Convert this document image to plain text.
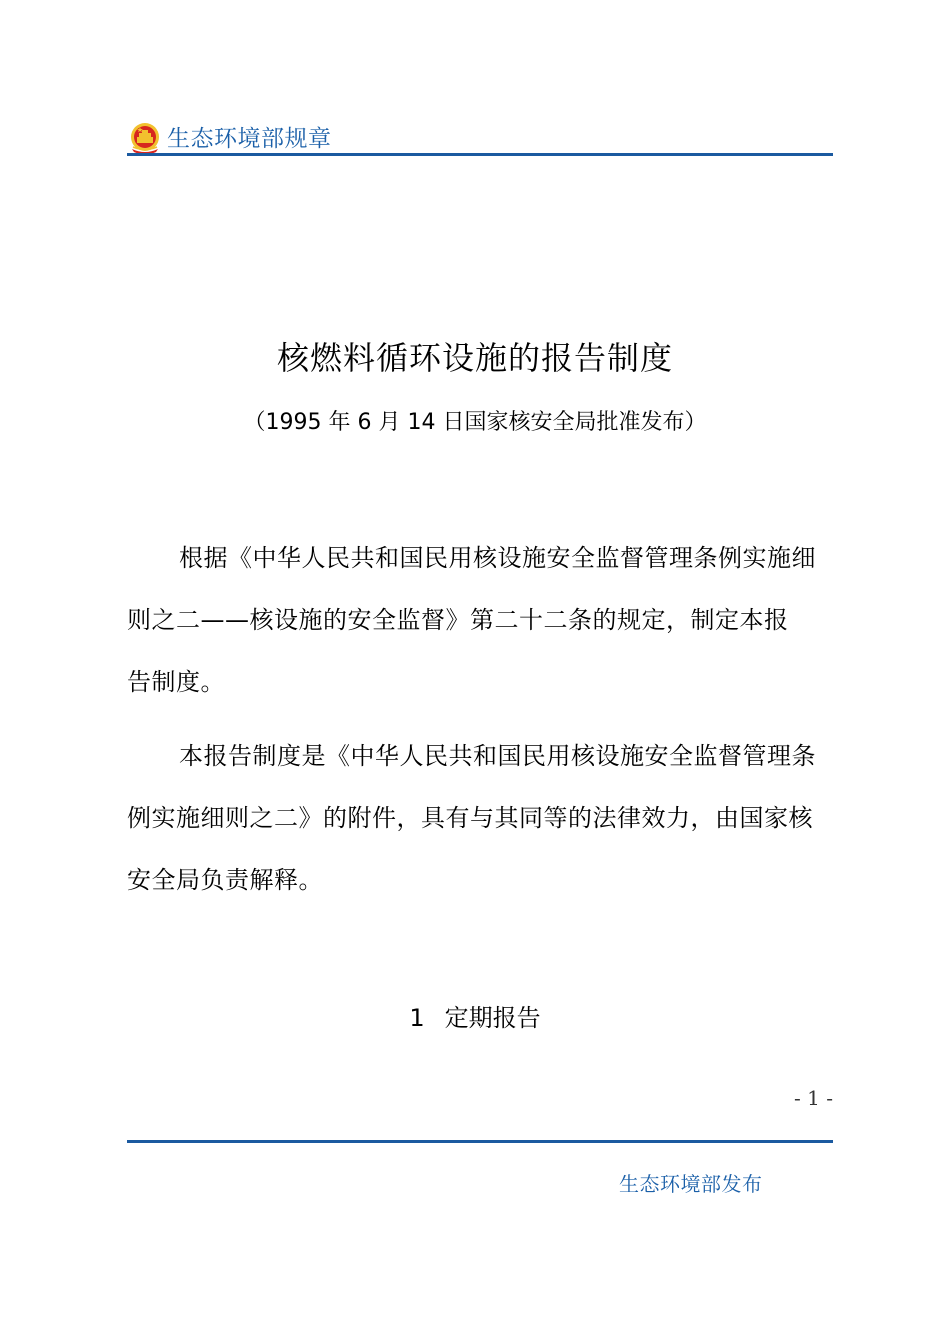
生态环境部规章
核燃料循环设施的报告制度
（1995 年 6 月 14 日国家核安全局批准发布）
根据《中华人民共和国民用核设施安全监督管理条例实施细
则之二——核设施的安全监督》第二十二条的规定，制定本报
告制度。
本报告制度是《中华人民共和国民用核设施安全监督管理条
例实施细则之二》的附件，具有与其同等的法律效力，由国家核
安全局负责解释。
1 定期报告
- 1 -
生态环境部发布
